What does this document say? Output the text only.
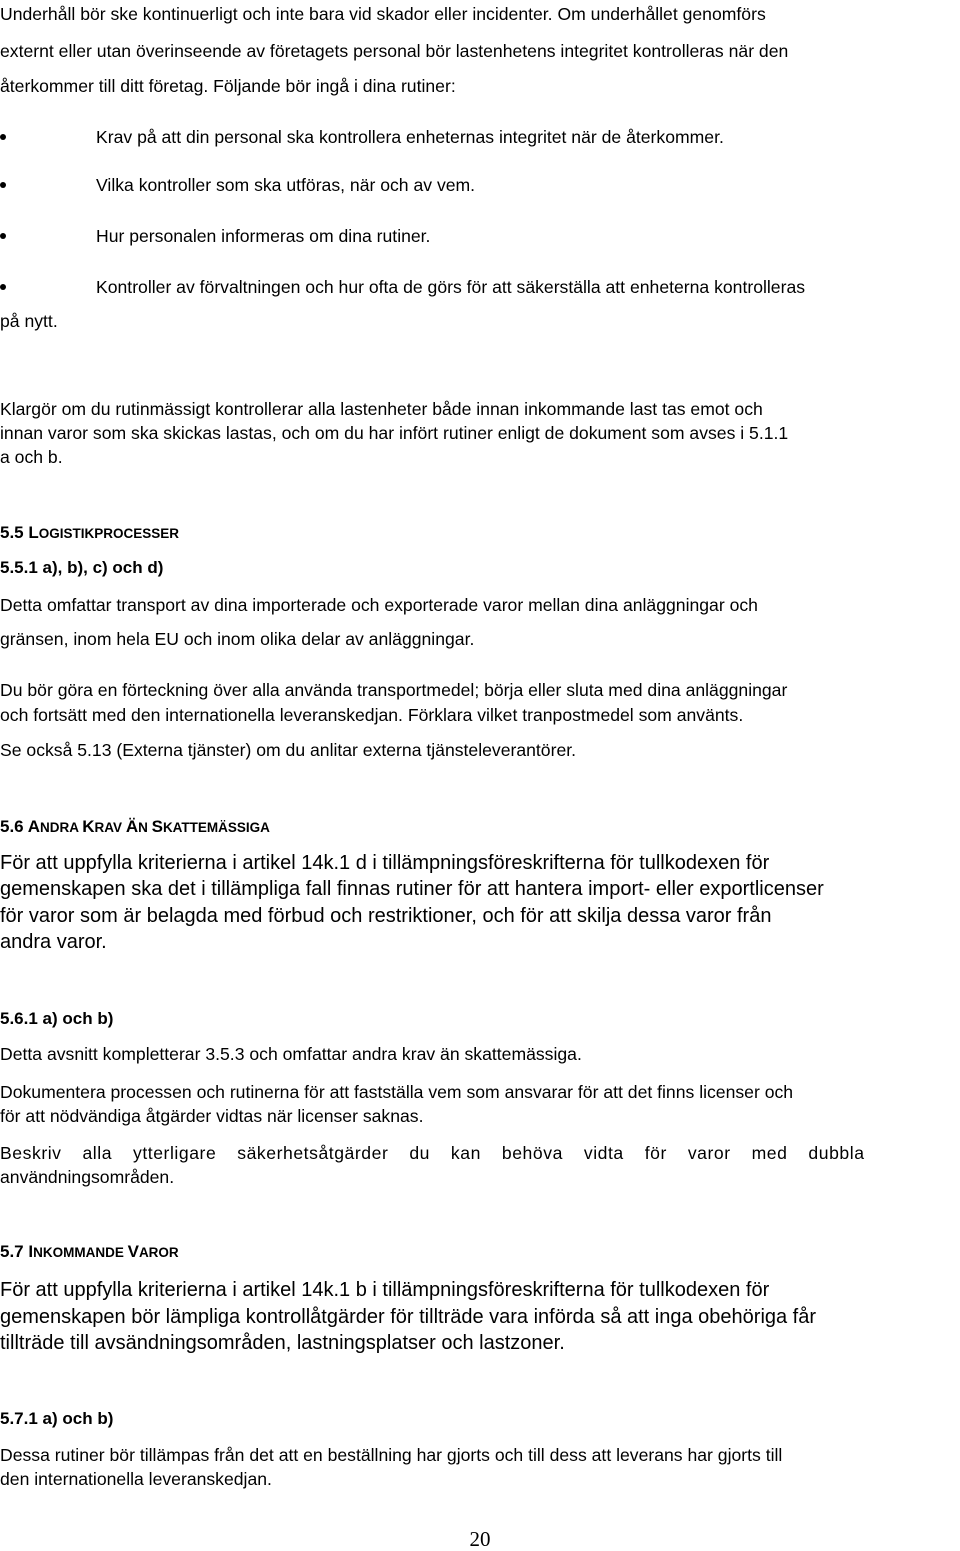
Underhåll bör ske kontinuerligt och inte bara vid skador eller incidenter. Om underhållet genomförs
externt eller utan överinseende av företagets personal bör lastenhetens integritet kontrolleras när den
återkommer till ditt företag. Följande bör ingå i dina rutiner:
Krav på att din personal ska kontrollera enheternas integritet när de återkommer.
Vilka kontroller som ska utföras, när och av vem.
Hur personalen informeras om dina rutiner.
Kontroller av förvaltningen och hur ofta de görs för att säkerställa att enheterna kontrolleras
på nytt.
Klargör om du rutinmässigt kontrollerar alla lastenheter både innan inkommande last tas emot och
innan varor som ska skickas lastas, och om du har infört rutiner enligt de dokument som avses i 5.1.1
a och b.
5.5 LOGISTIKPROCESSER
5.5.1 a), b), c) och d)
Detta omfattar transport av dina importerade och exporterade varor mellan dina anläggningar och
gränsen, inom hela EU och inom olika delar av anläggningar.
Du bör göra en förteckning över alla använda transportmedel; börja eller sluta med dina anläggningar
och fortsätt med den internationella leveranskedjan. Förklara vilket tranpostmedel som använts.
Se också 5.13 (Externa tjänster) om du anlitar externa tjänsteleverantörer.
5.6 ANDRA KRAV ÄN SKATTEMÄSSIGA
För att uppfylla kriterierna i artikel 14k.1 d i tillämpningsföreskrifterna för tullkodexen för
gemenskapen ska det i tillämpliga fall finnas rutiner för att hantera import- eller exportlicenser
för varor som är belagda med förbud och restriktioner, och för att skilja dessa varor från
andra varor.
5.6.1 a) och b)
Detta avsnitt kompletterar 3.5.3 och omfattar andra krav än skattemässiga.
Dokumentera processen och rutinerna för att fastställa vem som ansvarar för att det finns licenser och
för att nödvändiga åtgärder vidtas när licenser saknas.
Beskriv alla ytterligare säkerhetsåtgärder du kan behöva vidta för varor med dubbla
användningsområden.
5.7 INKOMMANDE VAROR
För att uppfylla kriterierna i artikel 14k.1 b i tillämpningsföreskrifterna för tullkodexen för
gemenskapen bör lämpliga kontrollåtgärder för tillträde vara införda så att inga obehöriga får
tillträde till avsändningsområden, lastningsplatser och lastzoner.
5.7.1 a) och b)
Dessa rutiner bör tillämpas från det att en beställning har gjorts och till dess att leverans har gjorts till
den internationella leveranskedjan.
20
